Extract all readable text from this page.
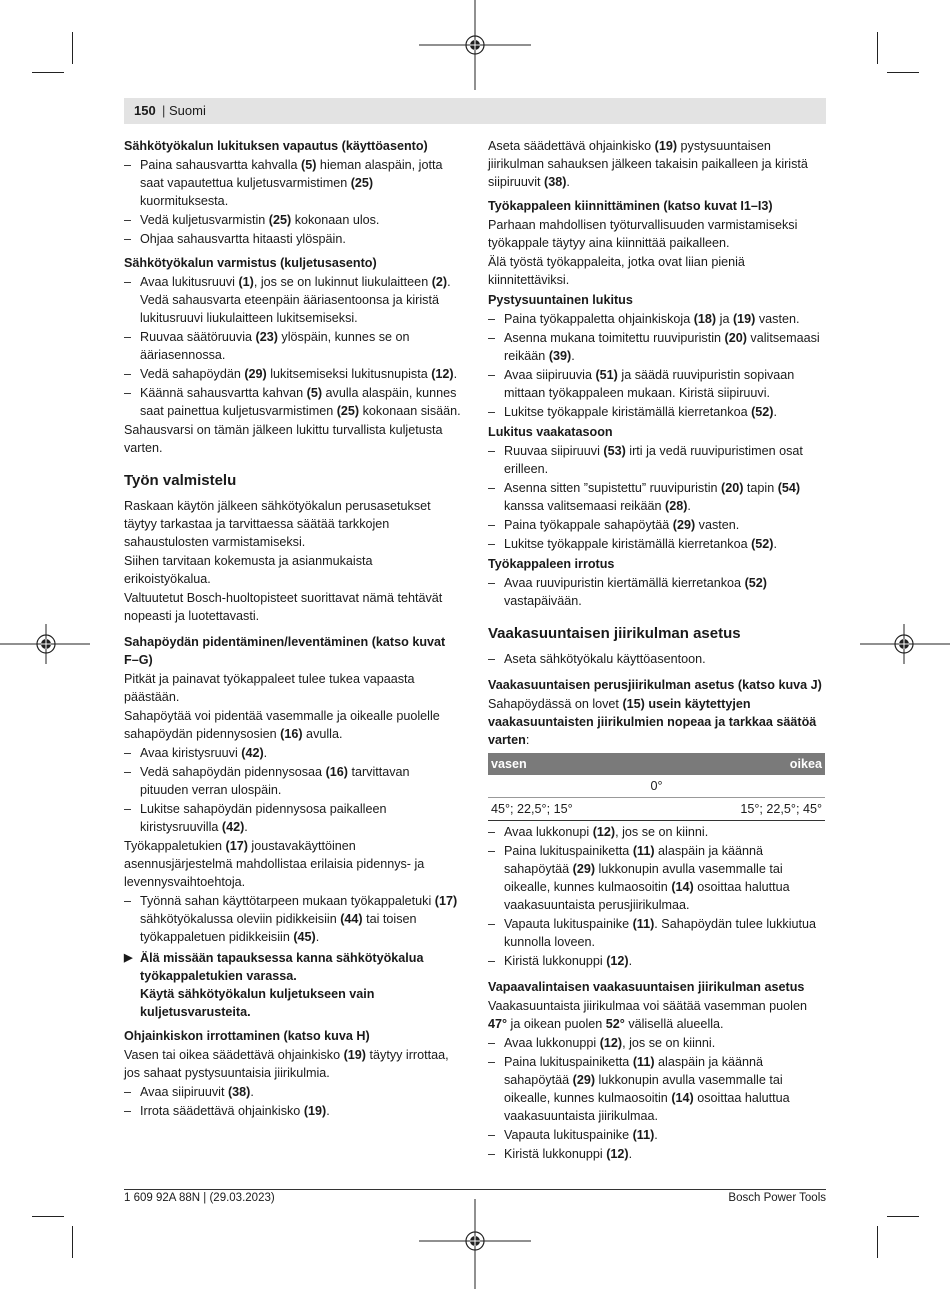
150 | Suomi
Sähkötyökalun lukituksen vapautus (käyttöasento)
– Paina sahausvartta kahvalla (5) hieman alaspäin, jotta saat vapautettua kuljetusvarmistimen (25) kuormituksesta.
– Vedä kuljetusvarmistin (25) kokonaan ulos.
– Ohjaa sahausvartta hitaasti ylöspäin.
Sähkötyökalun varmistus (kuljetusasento)
– Avaa lukitusruuvi (1), jos se on lukinnut liukulaitteen (2). Vedä sahausvarta eteenpäin ääriasentoonsa ja kiristä lukitusruuvi liukulaitteen lukitsemiseksi.
– Ruuvaa säätöruuvia (23) ylöspäin, kunnes se on ääriasennossa.
– Vedä sahapöydän (29) lukitsemiseksi lukitusnupista (12).
– Käännä sahausvartta kahvan (5) avulla alaspäin, kunnes saat painettua kuljetusvarmistimen (25) kokonaan sisään.

Sahausvarsi on tämän jälkeen lukittu turvallista kuljetusta varten.

Työn valmistelu

Raskaan käytön jälkeen sähkötyökalun perusasetukset täytyy tarkastaa ja tarvittaessa säätää tarkkojen sahaustulosten varmistamiseksi.

Siihen tarvitaan kokemusta ja asianmukaista erikoistyökalua.

Valtuutetut Bosch-huoltopisteet suorittavat nämä tehtävät nopeasti ja luotettavasti.

Sahapöydän pidentäminen/leventäminen (katso kuvat F–G)

Pitkät ja painavat työkappaleet tulee tukea vapaasta päästään.

Sahapöytää voi pidentää vasemmalle ja oikealle puolelle sahapöydän pidennysosien (16) avulla.

– Avaa kiristysruuvi (42).
– Vedä sahapöydän pidennysosaa (16) tarvittavan pituuden verran ulospäin.
– Lukitse sahapöydän pidennysosa paikalleen kiristysruuvilla (42).

Työkappaletukien (17) joustavakäyttöinen asennusjärjestelmä mahdollistaa erilaisia pidennys- ja levennysvaihtoehtoja.

– Työnnä sahan käyttötarpeen mukaan työkappaletuki (17) sähkötyökalussa oleviin pidikkeisiin (44) tai toisen työkappaletuen pidikkeisiin (45).
▶ Älä missään tapauksessa kanna sähkötyökalua työkappaletukien varassa.
Käytä sähkötyökalun kuljetukseen vain kuljetusvarusteita.
Ohjainkiskon irrottaminen (katso kuva H)

Vasen tai oikea säädettävä ohjainkisko (19) täytyy irrottaa, jos sahaat pystysuuntaisia jiirikulmia.

– Avaa siipiruuvit (38).
– Irrota säädettävä ohjainkisko (19).

Aseta säädettävä ohjainkisko (19) pystysuuntaisen jiirikulman sahauksen jälkeen takaisin paikalleen ja kiristä siipiruuvit (38).

Työkappaleen kiinnittäminen (katso kuvat I1–I3)

Parhaan mahdollisen työturvallisuuden varmistamiseksi työkappale täytyy aina kiinnittää paikalleen.

Älä työstä työkappaleita, jotka ovat liian pieniä kiinnitettäviksi.

Pystysuuntainen lukitus
– Paina työkappaletta ohjainkiskoja (18) ja (19) vasten.
– Asenna mukana toimitettu ruuvipuristin (20) valitsemaasi reikään (39).
– Avaa siipiruuvia (51) ja säädä ruuvipuristin sopivaan mittaan työkappaleen mukaan. Kiristä siipiruuvi.
– Lukitse työkappale kiristämällä kierretankoa (52).
Lukitus vaakatasoon
– Ruuvaa siipiruuvi (53) irti ja vedä ruuvipuristimen osat erilleen.
– Asenna sitten ”supistettu” ruuvipuristin (20) tapin (54) kanssa valitsemaasi reikään (28).
– Paina työkappale sahapöytää (29) vasten.
– Lukitse työkappale kiristämällä kierretankoa (52).
Työkappaleen irrotus
– Avaa ruuvipuristin kiertämällä kierretankoa (52) vastapäivään.
Vaakasuuntaisen jiirikulman asetus
– Aseta sähkötyökalu käyttöasentoon.
Vaakasuuntaisen perusjiirikulman asetus (katso kuva J)

Sahapöydässä on lovet (15) usein käytettyjen vaakasuuntaisten jiirikulmien nopeaa ja tarkkaa säätöä varten:

vasen	oikea
0°	
45°; 22,5°; 15°	15°; 22,5°; 45°
– Avaa lukkonupi (12), jos se on kiinni.
– Paina lukituspainiketta (11) alaspäin ja käännä sahapöytää (29) lukkonupin avulla vasemmalle tai oikealle, kunnes kulmaosoitin (14) osoittaa haluttua vaakasuuntaista perusjiirikulmaa.
– Vapauta lukituspainike (11). Sahapöydän tulee lukkiutua kunnolla loveen.
– Kiristä lukkonuppi (12).
Vapaavalintaisen vaakasuuntaisen jiirikulman asetus

Vaakasuuntaista jiirikulmaa voi säätää vasemman puolen 47° ja oikean puolen 52° välisellä alueella.

– Avaa lukkonuppi (12), jos se on kiinni.
– Paina lukituspainiketta (11) alaspäin ja käännä sahapöytää (29) lukkonupin avulla vasemmalle tai oikealle, kunnes kulmaosoitin (14) osoittaa haluttua vaakasuuntaista jiirikulmaa.
– Vapauta lukituspainike (11).
– Kiristä lukkonuppi (12).
1 609 92A 88N | (29.03.2023)	Bosch Power Tools
